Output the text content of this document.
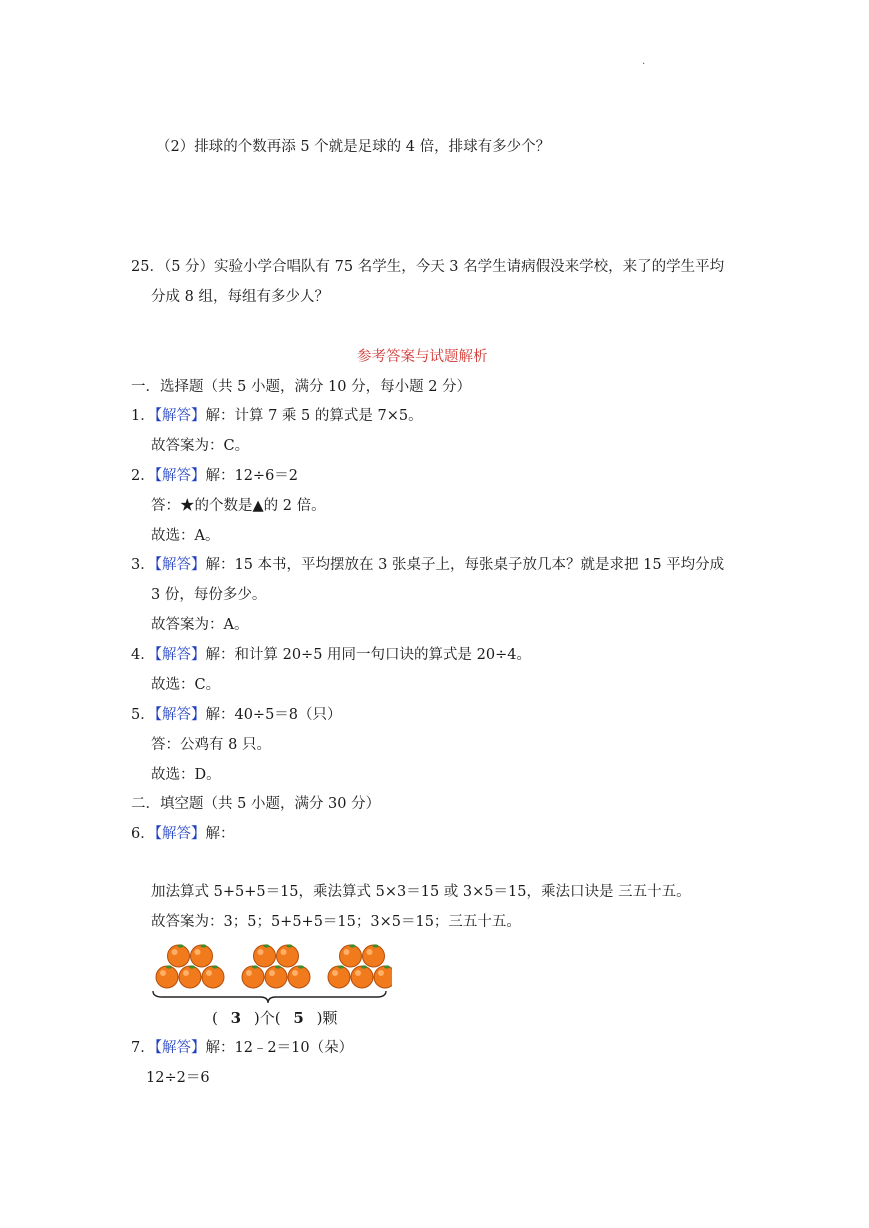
.
（2）排球的个数再添 5 个就是足球的 4 倍，排球有多少个？
25．（5 分）实验小学合唱队有 75 名学生，今天 3 名学生请病假没来学校，来了的学生平均
分成 8 组，每组有多少人？
参考答案与试题解析
一．选择题（共 5 小题，满分 10 分，每小题 2 分）
1．【解答】解：计算 7 乘 5 的算式是 7×5。
故答案为：C。
2．【解答】解：12÷6＝2
答：★的个数是▲的 2 倍。
故选：A。
3．【解答】解：15 本书，平均摆放在 3 张桌子上，每张桌子放几本？就是求把 15 平均分成
3 份，每份多少。
故答案为：A。
4．【解答】解：和计算 20÷5 用同一句口诀的算式是 20÷4。
故选：C。
5．【解答】解：40÷5＝8（只）
答：公鸡有 8 只。
故选：D。
二．填空题（共 5 小题，满分 30 分）
6．【解答】解：
加法算式 5+5+5＝15，乘法算式 5×3＝15 或 3×5＝15，乘法口诀是 三五十五。
故答案为：3；5；5+5+5＝15；3×5＝15；三五十五。
( 3 )个( 5 )颗
7．【解答】解：12﹣2＝10（朵）
12÷2＝6
